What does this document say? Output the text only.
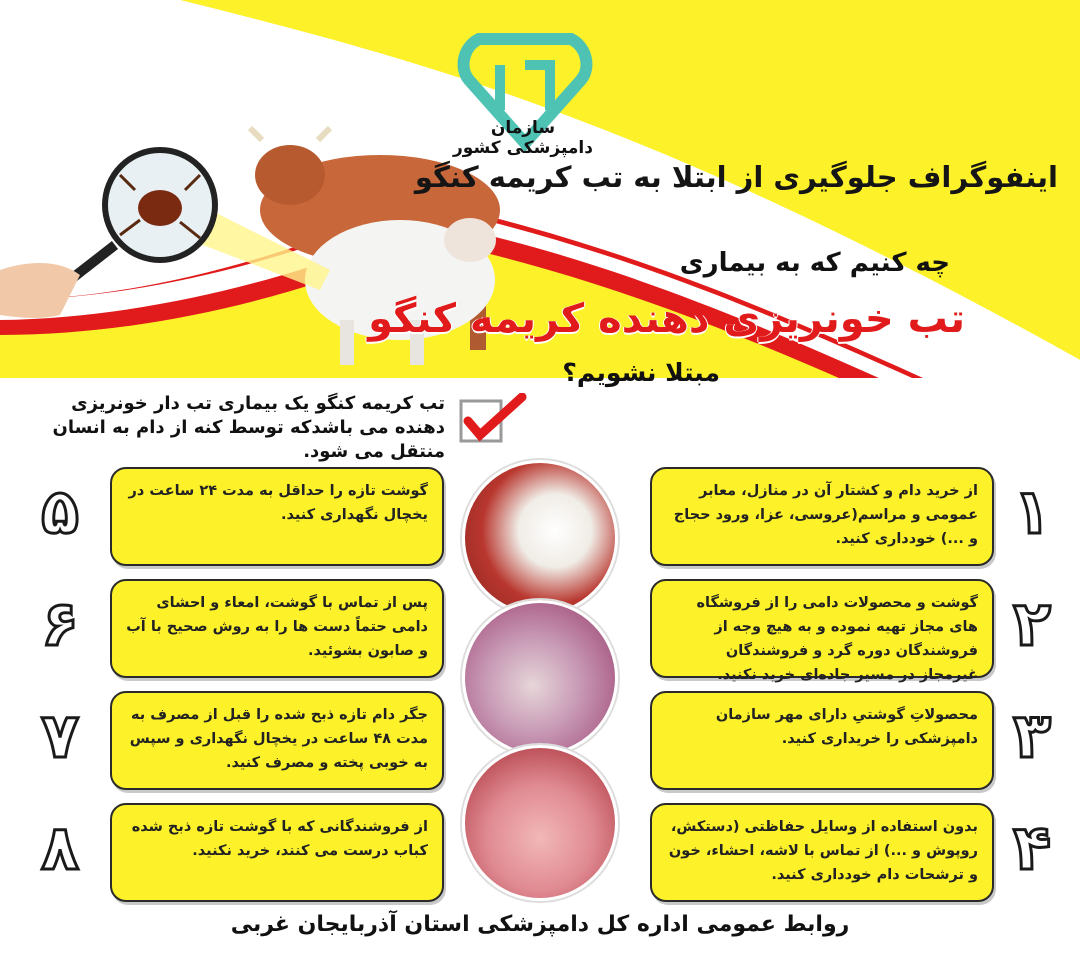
سازمان دامپزشکی کشور
اینفوگراف جلوگیری از ابتلا به تب کریمه کنگو
چه کنیم که به بیماری
تب خونریزی دهنده کریمه کنگو
مبتلا نشویم؟
تب کریمه کنگو یک بیماری تب دار خونریزی دهنده می باشدکه توسط کنه از دام به انسان منتقل می شود.
از خرید دام و کشتار آن در منازل، معابر عمومی و مراسم(عروسی، عزا، ورود حجاج و ...) خودداری کنید.
گوشت و محصولات دامی را از فروشگاه های مجاز تهیه نموده و به هیچ وجه از فروشندگان دوره گرد و فروشندگان غیرمجاز در مسیر جاده‌ای خرید نکنید.
محصولاتِ گوشتیِ دارای مهر سازمان دامپزشکی را خریداری کنید.
بدون استفاده از وسایل حفاظتی (دستکش، روپوش و ...) از تماس با لاشه، احشاء، خون و ترشحات دام خودداری کنید.
۱
۲
۳
۴
گوشت تازه را حداقل به مدت ۲۴ ساعت در یخچال نگهداری کنید.
پس از تماس با گوشت، امعاء و احشای دامی حتماً دست ها را به روش صحیح با آب و صابون بشوئید.
جگر دام تازه ذبح شده را قبل از مصرف به مدت ۴۸ ساعت در یخچال نگهداری و سپس به خوبی پخته و مصرف کنید.
از فروشندگانی که با گوشت تازه ذبح شده کباب درست می کنند، خرید نکنید.
۵
۶
۷
۸
روابط عمومی اداره کل دامپزشکی استان آذربایجان غربی
